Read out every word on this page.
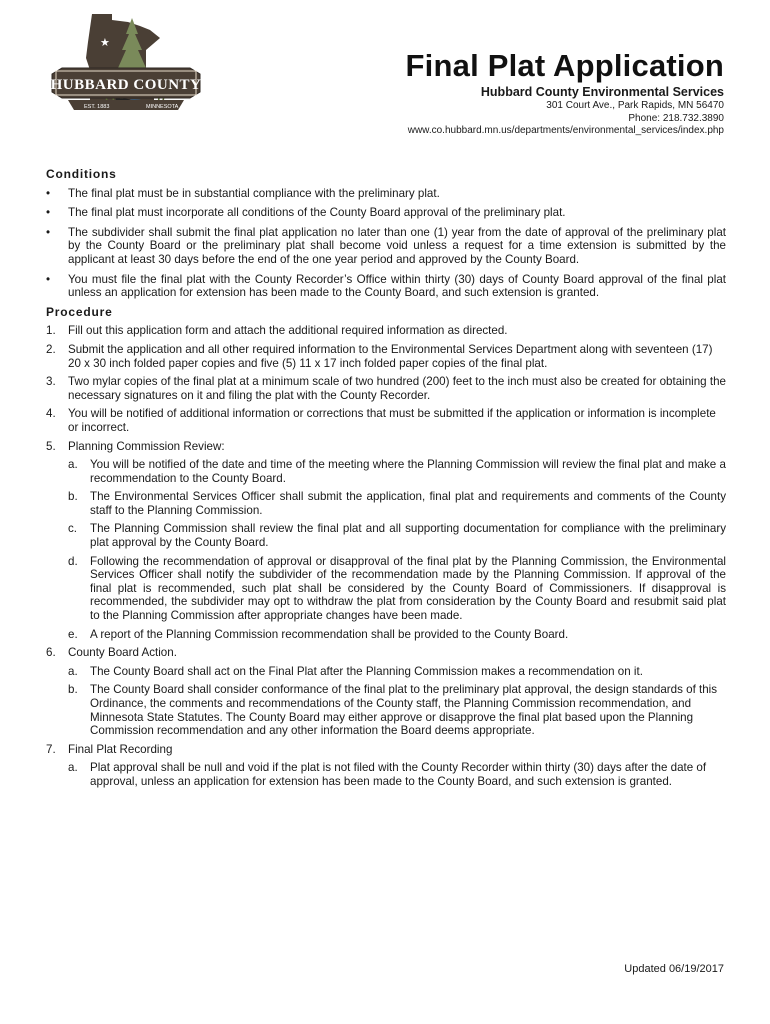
★
HUBBARD COUNTY
EST. 1883	MINNESOTA
Final Plat Application
Hubbard County Environmental Services
301 Court Ave., Park Rapids, MN 56470
Phone: 218.732.3890
www.co.hubbard.mn.us/departments/environmental_services/index.php
Conditions
• The final plat must be in substantial compliance with the preliminary plat.
• The final plat must incorporate all conditions of the County Board approval of the preliminary plat.
• The subdivider shall submit the final plat application no later than one (1) year from the date of approval of the preliminary plat by the County Board or the preliminary plat shall become void unless a request for a time extension is submitted by the applicant at least 30 days before the end of the one year period and approved by the County Board.
• You must file the final plat with the County Recorder’s Office within thirty (30) days of County Board approval of the final plat unless an application for extension has been made to the County Board, and such extension is granted.
Procedure
1. Fill out this application form and attach the additional required information as directed.
2. Submit the application and all other required information to the Environmental Services Department along with seventeen (17) 20 x 30 inch folded paper copies and five (5) 11 x 17 inch folded paper copies of the final plat.
3. Two mylar copies of the final plat at a minimum scale of two hundred (200) feet to the inch must also be created for obtaining the necessary signatures on it and filing the plat with the County Recorder.
4. You will be notified of additional information or corrections that must be submitted if the application or information is incomplete or incorrect.
5. Planning Commission Review:
a. You will be notified of the date and time of the meeting where the Planning Commission will review the final plat and make a recommendation to the County Board.
b. The Environmental Services Officer shall submit the application, final plat and requirements and comments of the County staff to the Planning Commission.
c. The Planning Commission shall review the final plat and all supporting documentation for compliance with the preliminary plat approval by the County Board.
d. Following the recommendation of approval or disapproval of the final plat by the Planning Commission, the Environmental Services Officer shall notify the subdivider of the recommendation made by the Planning Commission. If approval of the final plat is recommended, such plat shall be considered by the County Board of Commissioners. If disapproval is recommended, the subdivider may opt to withdraw the plat from consideration by the County Board and resubmit said plat to the Planning Commission after appropriate changes have been made.
e. A report of the Planning Commission recommendation shall be provided to the County Board.
6. County Board Action.
a. The County Board shall act on the Final Plat after the Planning Commission makes a recommendation on it.
b. The County Board shall consider conformance of the final plat to the preliminary plat approval, the design standards of this Ordinance, the comments and recommendations of the County staff, the Planning Commission recommendation, and Minnesota State Statutes. The County Board may either approve or disapprove the final plat based upon the Planning Commission recommendation and any other information the Board deems appropriate.
7. Final Plat Recording
a. Plat approval shall be null and void if the plat is not filed with the County Recorder within thirty (30) days after the date of approval, unless an application for extension has been made to the County Board, and such extension is granted.
Updated 06/19/2017
